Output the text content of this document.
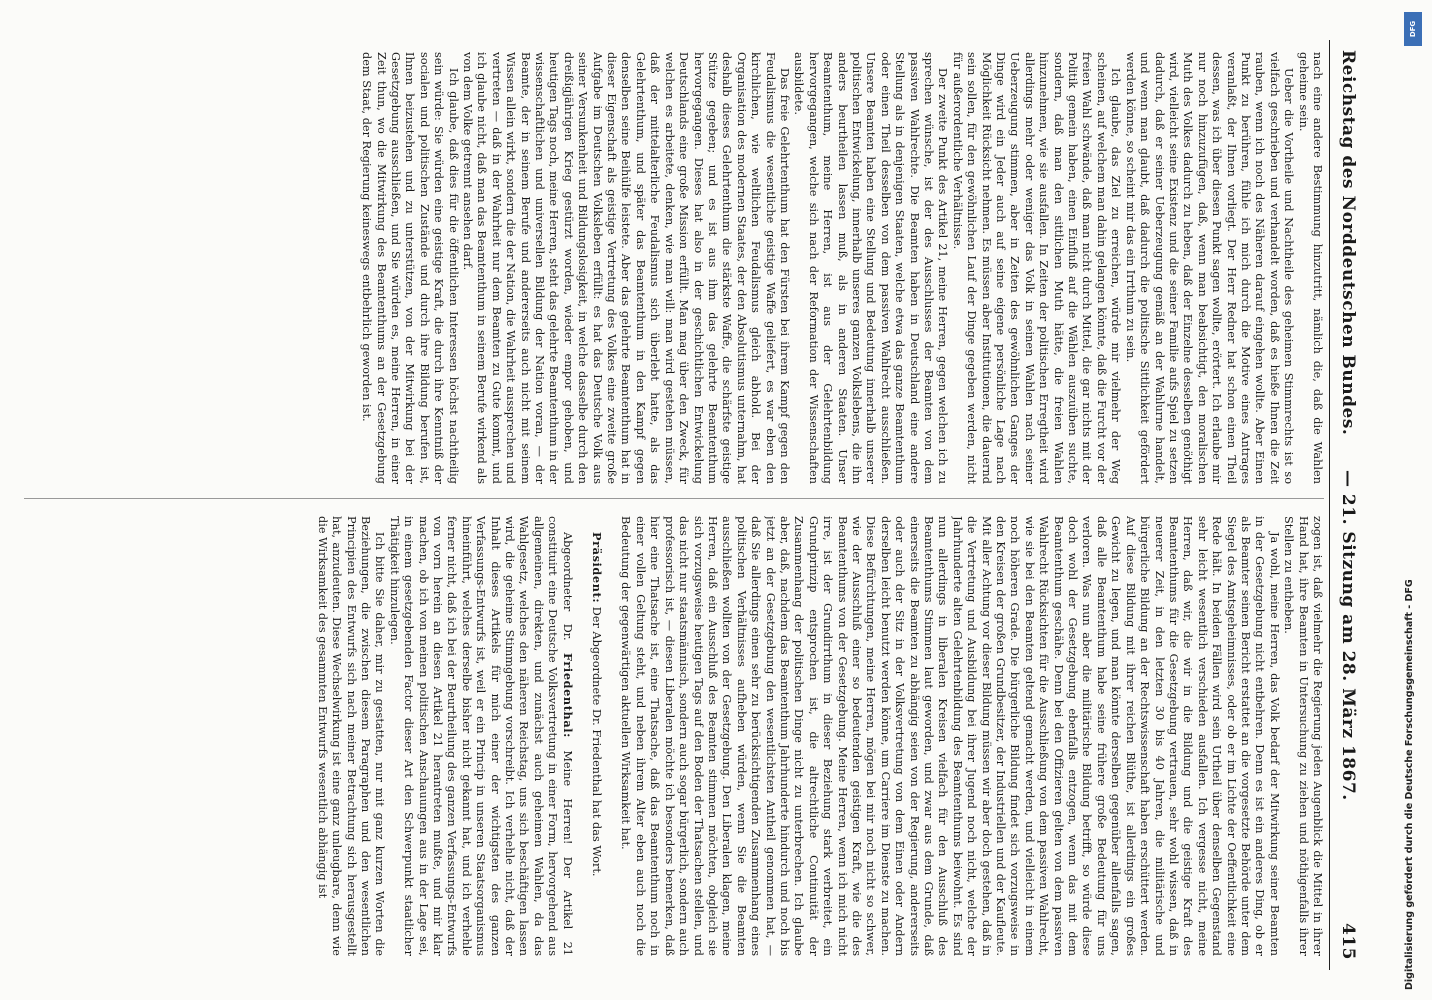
Reichstag des Norddeutschen Bundes.
— 21. Sitzung am 28. März 1867.
415

nach eine andere Bestimmung hinzutritt, nämlich die, daß die Wahlen geheime sein.

Ueber die Vortheile und Nachtheile des geheimen Stimmrechts ist so vielfach geschrieben und verhandelt worden, daß es hieße Ihnen die Zeit rauben, wenn ich noch des Näheren darauf eingehen wollte. Aber Einen Punkt zu berühren, fühle ich mich durch die Motive eines Antrages veranlaßt, der Ihnen vorliegt. Der Herr Redner hat schon einen Theil dessen, was ich über diesen Punkt sagen wollte, erörtert. Ich erlaube mir nur noch hinzuzufügen, daß, wenn man beabsichtigt, den moralischen Muth des Volkes dadurch zu heben, daß der Einzelne desselben genöthigt wird, vielleicht seine Existenz und die seiner Familie aufs Spiel zu setzen dadurch, daß er seiner Ueberzeugung gemäß an der Wahlurne handelt, und wenn man glaubt, daß dadurch die politische Sittlichkeit gefördert werden könne, so scheint mir das ein Irrthum zu sein.

Ich glaube, das Ziel zu erreichen, würde mir vielmehr der Weg scheinen, auf welchem man dahin gelangen könnte, daß die Furcht vor der freien Wahl schwände, daß man nicht durch Mittel, die gar nichts mit der Politik gemein haben, einen Einfluß auf die Wählen auszuüben suchte, sondern, daß man den sittlichen Muth hätte, die freien Wahlen hinzunehmen, wie sie ausfallen. In Zeiten der politischen Erregtheit wird allerdings mehr oder weniger das Volk in seinen Wahlen nach seiner Ueberzeugung stimmen, aber in Zeiten des gewöhnlichen Ganges der Dinge wird ein Jeder auch auf seine eigene persönliche Lage nach Möglichkeit Rücksicht nehmen. Es müssen aber Institutionen, die dauernd sein sollen, für den gewöhnlichen Lauf der Dinge gegeben werden, nicht für außerordentliche Verhältnisse.

Der zweite Punkt des Artikel 21, meine Herren, gegen welchen ich zu sprechen wünsche, ist der des Ausschlusses der Beamten von dem passiven Wahlrechte. Die Beamten haben in Deutschland eine andere Stellung als in denjenigen Staaten, welche etwa das ganze Beamtenthum oder einen Theil desselben von dem passiven Wahlrecht ausschließen. Unsere Beamten haben eine Stellung und Bedeutung innerhalb unserer politischen Entwickelung, innerhalb unseres ganzen Volkslebens, die ihn anders beurtheilen lassen muß, als in anderen Staaten. Unser Beamtenthum, meine Herren, ist aus der Gelehrtenbildung hervorgegangen, welche sich nach der Reformation der Wissenschaften ausbildete.

Das freie Gelehrtenthum hat den Fürsten bei ihrem Kampf gegen den Feudalismus die wesentliche geistige Waffe geliefert, es war eben den kirchlichen, wie weltlichen Feudalismus gleich abhold. Bei der Organisation des modernen Staates, der den Absolutismus unternahm, hat deshalb dieses Gelehrtenthum die stärkste Waffe, die schärfste geistige Stütze gegeben; und es ist aus ihm das gelehrte Beamtenthum hervorgegangen. Dieses hat also in der geschichtlichen Entwickelung Deutschlands eine große Mission erfüllt. Man mag über den Zweck, für welchen es arbeitete, denken, wie man will: man wird gestehen müssen, daß der mittelalterliche Feudalismus sich überlebt hatte, als das Gelehrtenthum, und später das Beamtenthum in den Kampf gegen denselben seine Beihülfe leistete. Aber das gelehrte Beamtenthum hat in dieser Eigenschaft als geistige Vertretung des Volkes eine zweite große Aufgabe im Deutschen Volksleben erfüllt: es hat das Deutsche Volk aus seiner Versunkenheit und Bildungslosigkeit, in welche dasselbe durch den dreißigjährigen Krieg gestürzt worden, wieder empor gehoben, und heutigen Tags noch, meine Herren, steht das gelehrte Beamtenthum in der wissenschaftlichen und universellen Bildung der Nation voran, — der Beamte, der in seinem Berufe und andererseits auch nicht mit seinem Wissen allein wirkt, sondern die der Nation, die Wahrheit aussprechen und vertreten — daß in der Wahrheit nur dem Beamten zu Gute kommt, und ich glaube nicht, daß man das Beamtenthum in seinem Berufe wirkend als von dem Volke getrennt ansehen darf.

Ich glaube, daß dies für die öffentlichen Interessen höchst nachtheilig sein würde: Sie würden eine geistige Kraft, die durch ihre Kenntniß der socialen und politischen Zustände und durch ihre Bildung berufen ist, Ihnen beizustehen und zu unterstützen, von der Mitwirkung bei der Gesetzgebung ausschließen, und Sie würden es, meine Herren, in einer Zeit thun, wo die Mitwirkung des Beamtenthums an der Gesetzgebung dem Staat, der Regierung keineswegs entbehrlich geworden ist.

zogen ist, daß vielmehr die Regierung jeden Augenblick die Mittel in ihrer Hand hat, ihre Beamten in Untersuchung zu ziehen und nöthigenfalls ihrer Stellen zu entheben.

Ja wohl, meine Herren, das Volk bedarf der Mitwirkung seiner Beamten in der Gesetzgebung nicht entbehren. Denn es ist ein anderes Ding, ob er als Beamter seinen Bericht erstattet an die vorgesetzte Behörde unter dem Siegel des Amtsgeheimnisses, oder ob er im Lichte der Oeffentlichkeit eine Rede hält. In beiden Fällen wird sein Urtheil über denselben Gegenstand sehr leicht wesentlich verschieden ausfallen. Ich vergesse nicht, meine Herren, daß wir, die wir in die Bildung und die geistige Kraft des Beamtenthums für die Gesetzgebung vertrauen, sehr wohl wissen, daß in neuerer Zeit, in den letzten 30 bis 40 Jahren, die militärische und bürgerliche Bildung an der Rechtswissenschaft haben erschüttert werden. Auf diese Bildung mit ihrer reichen Blüthe, ist allerdings ein großes Gewicht zu legen, und man könnte derselben gegenüber allenfalls sagen, daß alle Beamtenthum habe seine frühere große Bedeutung für uns verloren. Was nun aber die militärische Bildung betrifft, so würde diese doch wohl der Gesetzgebung ebenfalls entzogen, wenn das mit dem Beamtenthum geschähe. Denn bei den Offizieren gelten von dem passiven Wahlrecht Rücksichten für die Ausschließung von dem passiven Wahlrecht, wie sie bei den Beamten geltend gemacht werden, und vielleicht in einem noch höheren Grade. Die bürgerliche Bildung findet sich vorzugsweise in den Kreisen der großen Grundbesitzer, der Industriellen und der Kaufleute. Mit aller Achtung vor dieser Bildung müssen wir aber doch gestehen, daß in die Vertretung und Ausbildung bei ihrer Jugend noch nicht, welche der Jahrhunderte alten Gelehrtenbildung des Beamtenthums beiwohnt. Es sind nun allerdings in liberalen Kreisen vielfach für den Ausschluß des Beamtenthums Stimmen laut geworden, und zwar aus dem Grunde, daß einerseits die Beamten zu abhängig seien von der Regierung, andererseits oder auch der Sitz in der Volksvertretung von dem Einen oder Andern derselben leicht benutzt werden könne, um Carriere im Dienste zu machen. Diese Befürchtungen, meine Herren, mögen bei mir noch nicht so schwer, wie der Ausschluß einer so bedeutenden geistigen Kraft, wie die des Beamtenthums von der Gesetzgebung. Meine Herren, wenn ich mich nicht irre, ist der Grundirrthum in dieser Beziehung stark verbreitet, ein Grundprinzip entsprochen ist, die altrechtliche Continuität der Zusammenhang der politischen Dinge nicht zu unterbrechen. Ich glaube aber, daß, nachdem das Beamtenthum Jahrhunderte hindurch und noch bis jetzt an der Gesetzgebung den wesentlichsten Antheil genommen hat, — daß Sie allerdings einen sehr zu berücksichtigenden Zusammenhang eines politischen Verhältnisses aufheben würden, wenn Sie die Beamten ausschließen wollten von der Gesetzgebung. Den Liberalen klagen, meine Herren, daß ein Ausschluß des Beamten stimmen möchten, obgleich sie sich vorzugsweise heutigen Tags auf den Boden der Thatsachen stellen, und das nicht nur staatsmännisch, sondern auch sogar bürgerlich, sondern auch professorisch ist, — diesen Liberalen möchte ich besonders bemerken, daß hier eine Thatsache ist, eine Thatsache, daß das Beamtenthum noch in einer vollen Geltung steht, und neben ihrem Alter eben auch noch die Bedeutung der gegenwärtigen aktuellen Wirksamkeit hat.

Präsident: Der Abgeordnete Dr. Friedenthal hat das Wort.

Abgeordneter Dr. Friedenthal: Meine Herren! Der Artikel 21 constituirt eine Deutsche Volksvertretung in einer Form, hervorgehend aus allgemeinen, direkten, und zunächst auch geheimen Wahlen, da das Wahlgesetz, welches den näheren Reichstag, uns sich beschäftigen lassen wird, die geheime Stimmgebung vorschreibt. Ich verhehle nicht, daß der Inhalt dieses Artikels für mich einer der wichtigsten des ganzen Verfassungs-Entwurfs ist, weil er ein Princip in unseren Staatsorganismus hineinführt, welches derselbe bisher nicht gekannt hat, und ich verhehle ferner nicht, daß ich bei der Beurtheilung des ganzen Verfassungs-Entwurfs von vorn herein an diesen Artikel 21 herantreten mußte, und mir klar machen, ob ich von meinen politischen Anschauungen aus in der Lage sei, in einem gesetzgebenden Factor dieser Art den Schwerpunkt staatlicher Thätigkeit hinzulegen.

Ich bitte Sie daher, mir zu gestatten, nur mit ganz kurzen Worten die Beziehungen, die zwischen diesem Paragraphen und den wesentlichen Principien des Entwurfs sich nach meiner Betrachtung sich herausgestellt hat, anzudeuten. Diese Wechselwirkung ist eine ganz unleugbare, denn wie die Wirksamkeit des gesammten Entwurfs wesentlich abhängig ist	Digitalisierung gefördert durch die Deutsche Forschungsgemeinschaft - DFG
DFG
